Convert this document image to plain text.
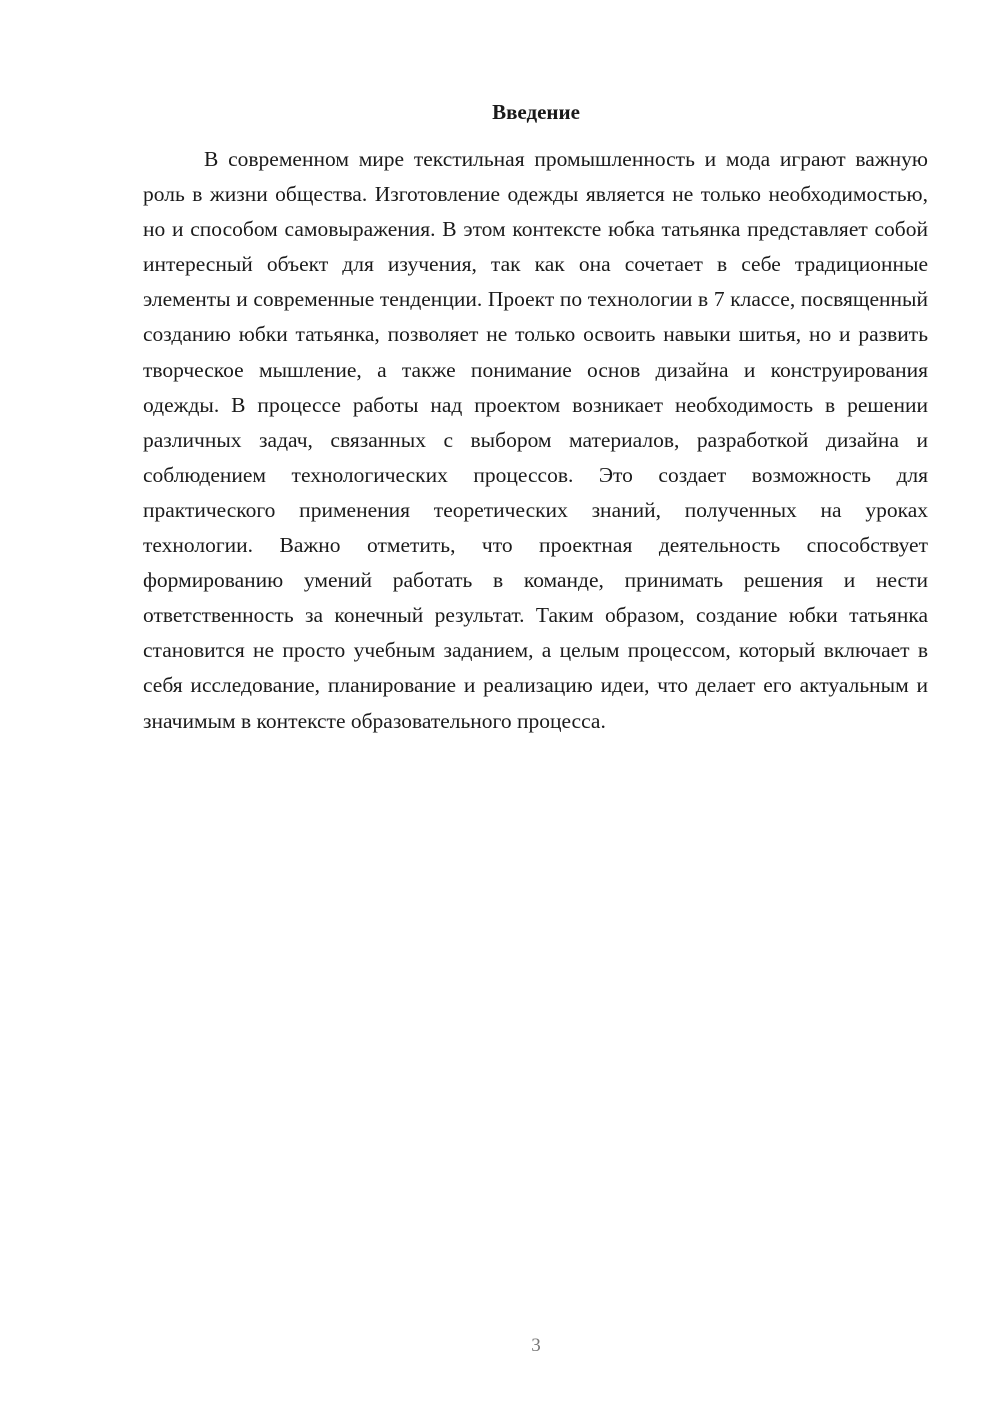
Введение

В современном мире текстильная промышленность и мода играют важную роль в жизни общества. Изготовление одежды является не только необходимостью, но и способом самовыражения. В этом контексте юбка татьянка представляет собой интересный объект для изучения, так как она сочетает в себе традиционные элементы и современные тенденции. Проект по технологии в 7 классе, посвященный созданию юбки татьянка, позволяет не только освоить навыки шитья, но и развить творческое мышление, а также понимание основ дизайна и конструирования одежды. В процессе работы над проектом возникает необходимость в решении различных задач, связанных с выбором материалов, разработкой дизайна и соблюдением технологических процессов. Это создает возможность для практического применения теоретических знаний, полученных на уроках технологии. Важно отметить, что проектная деятельность способствует формированию умений работать в команде, принимать решения и нести ответственность за конечный результат. Таким образом, создание юбки татьянка становится не просто учебным заданием, а целым процессом, который включает в себя исследование, планирование и реализацию идеи, что делает его актуальным и значимым в контексте образовательного процесса.

3
